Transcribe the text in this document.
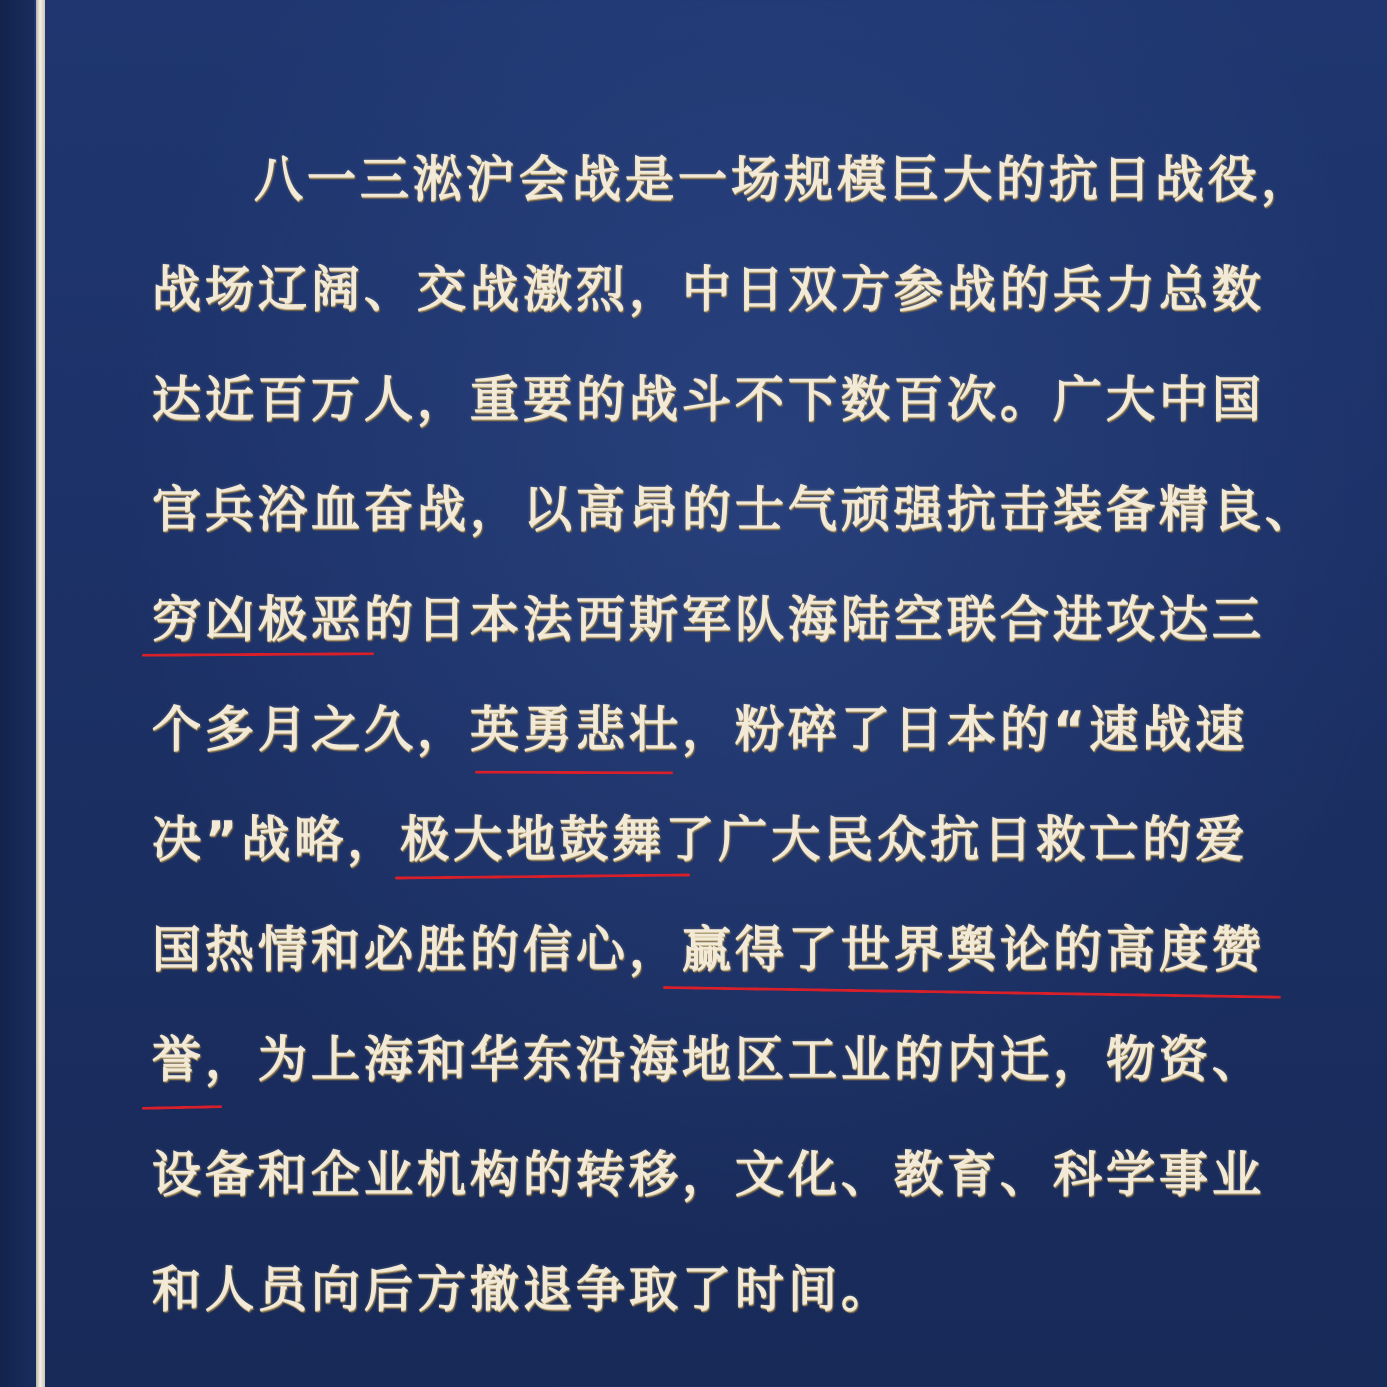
八一三淞沪会战是一场规模巨大的抗日战役，
战场辽阔、交战激烈，中日双方参战的兵力总数
达近百万人，重要的战斗不下数百次。广大中国
官兵浴血奋战，以高昂的士气顽强抗击装备精良、
穷凶极恶的日本法西斯军队海陆空联合进攻达三
个多月之久，英勇悲壮，粉碎了日本的“速战速
决”战略，极大地鼓舞了广大民众抗日救亡的爱
国热情和必胜的信心，赢得了世界舆论的高度赞
誉，为上海和华东沿海地区工业的内迁，物资、
设备和企业机构的转移，文化、教育、科学事业
和人员向后方撤退争取了时间。
